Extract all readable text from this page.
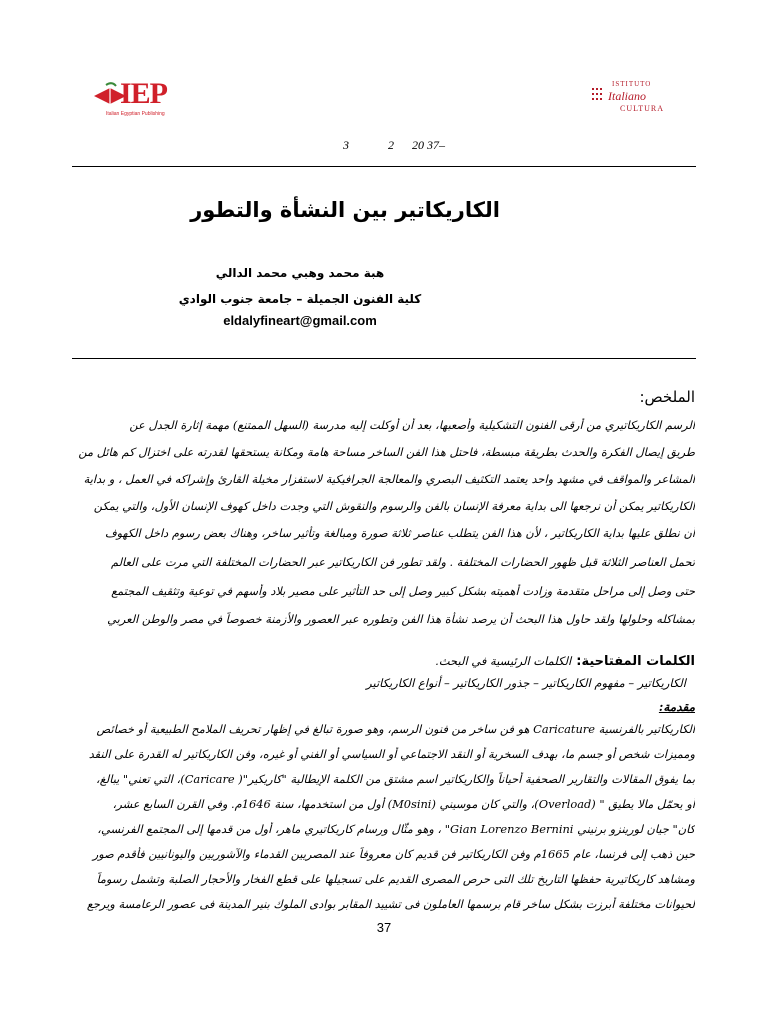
IEP
Italian Egyptian Publishing
ISTITUTO
Italiano
CULTURA
3	2 20 37–
الكاريكاتير بين النشأة والتطور
هبة محمد وهبي محمد الدالي
كلية الفنون الجميلة – جامعة جنوب الوادي
eldalyfineart@gmail.com
الملخص:
الرسم الكاريكاتيري من أرقى الفنون التشكيلية وأصعبها، بعد أن أوكلت إليه مدرسة (السهل الممتنع) مهمة إثارة الجدل عن
طريق إيصال الفكرة والحدث بطريقة مبسطة، فاحتل هذا الفن الساخر مساحة هامة ومكانة يستحقها لقدرته على اختزال كم هائل من
المشاعر والمواقف في مشهد واحد يعتمد التكثيف البصري والمعالجة الجرافيكية لاستفزار مخيلة القارئ وإشراكه في العمل ، و بداية
الكاريكاتير يمكن أن نرجعها الى بداية معرفة الإنسان بالفن والرسوم والنقوش التي وجدت داخل كهوف الإنسان الأول، والتي يمكن
أن نطلق عليها بداية الكاريكاتير ، لأن هذا الفن يتطلب عناصر ثلاثة صورة ومبالغة وتأثير ساخر، وهناك بعض رسوم داخل الكهوف
تحمل العناصر الثلاثة قبل ظهور الحضارات المختلفة . ولقد تطور فن الكاريكاتير عبر الحضارات المختلفة التي مرت على العالم
حتى وصل إلى مراحل متقدمة وزادت أهميته بشكل كبير وصل إلى حد التأثير على مصير بلاد وأسهم في توعية وتثقيف المجتمع
بمشاكله وحلولها ولقد حاول هذا البحث أن يرصد نشأة هذا الفن وتطوره عبر العصور والأزمنة خصوصاً في مصر والوطن العربي
الكلمات المفتاحية: الكلمات الرئيسية في البحث.
الكاريكاتير – مفهوم الكاريكاتير – جذور الكاريكاتير – أنواع الكاريكاتير
مقدمة:
الكاريكاتير بالفرنسية Caricature هو فن ساخر من فنون الرسم، وهو صورة تبالغ في إظهار تحريف الملامح الطبيعية أو خصائص
ومميزات شخص أو جسم ما، بهدف السخرية أو النقد الاجتماعي أو السياسي أو الفني أو غيره، وفن الكاريكاتير له القدرة على النقد
بما يفوق المقالات والتقارير الصحفية أحياناً والكاريكاتير اسم مشتق من الكلمة الإيطالية "كاريكير"( Caricare)، التي تعني" يبالغ،
أو يحمّل مالا يطيق " (Overload)، والتي كان موسيني (M0sini) أول من استخدمها، سنة 1646م. وفي القرن السابع عشر،
كان" جيان لورينزو برنيني Gian Lorenzo Bernini" ، وهو مثّال ورسام كاريكاتيري ماهر، أول من قدمها إلى المجتمع الفرنسي،
حين ذهب إلى فرنسا، عام 1665م وفن الكاريكاتير فن قديم كان معروفاً عند المصريين القدماء والآشوريين واليونانيين فأقدم صور
ومشاهد كاريكاتيرية حفظها التاريخ تلك التى حرص المصرى القديم على تسجيلها على قطع الفخار والأحجار الصلبة وتشمل رسوماً
لحيوانات مختلفة أبرزت بشكل ساخر قام برسمها العاملون فى تشييد المقابر بوادى الملوك بنير المدينة فى عصور الرعامسة ويرجع
37
